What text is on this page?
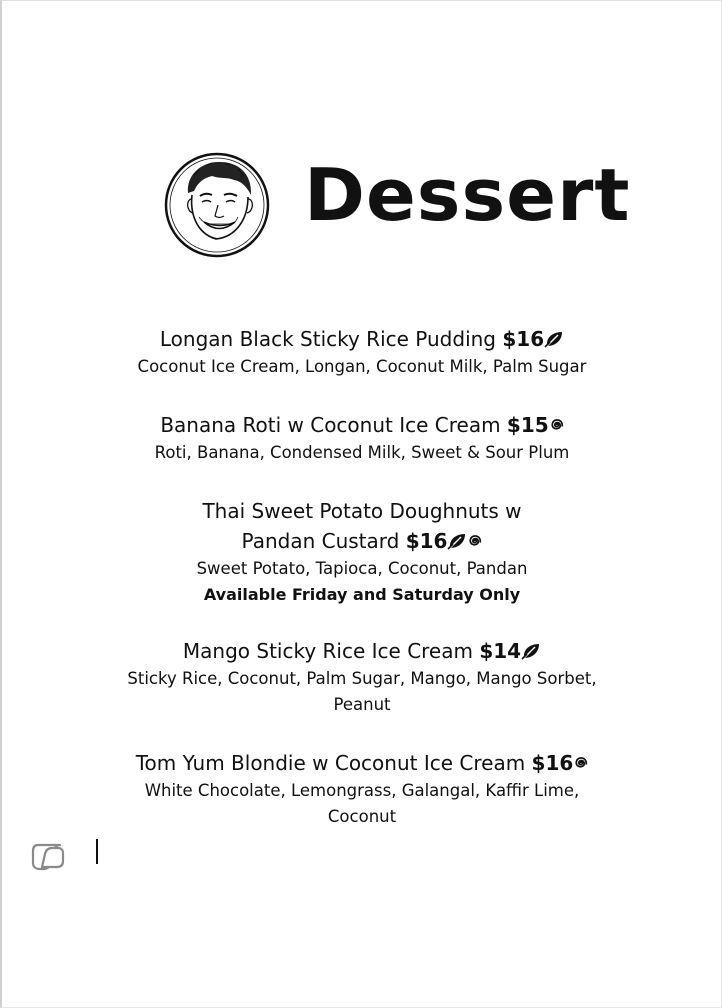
Dessert
Longan Black Sticky Rice Pudding $16
Coconut Ice Cream, Longan, Coconut Milk, Palm Sugar
Banana Roti w Coconut Ice Cream $15
Roti, Banana, Condensed Milk, Sweet & Sour Plum
Thai Sweet Potato Doughnuts w
Pandan Custard $16
Sweet Potato, Tapioca, Coconut, Pandan
Available Friday and Saturday Only
Mango Sticky Rice Ice Cream $14
Sticky Rice, Coconut, Palm Sugar, Mango, Mango Sorbet,
Peanut
Tom Yum Blondie w Coconut Ice Cream $16
White Chocolate, Lemongrass, Galangal, Kaffir Lime,
Coconut
